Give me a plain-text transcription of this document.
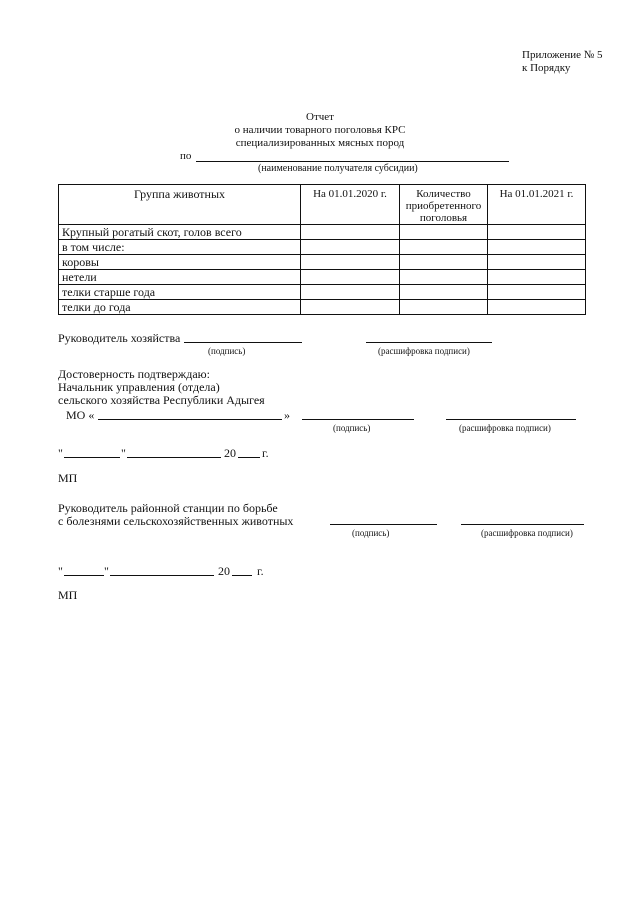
Приложение № 5
к Порядку
Отчет
о наличии товарного поголовья КРС
специализированных мясных пород
по
(наименование получателя субсидии)
Группа животных	На 01.01.2020 г.	Количество приобретенного поголовья	На 01.01.2021 г.
Крупный рогатый скот, голов всего			
в том числе:			
коровы			
нетели			
телки старше года			
телки до года			
Руководитель хозяйства
(подпись)	(расшифровка подписи)
Достоверность подтверждаю:
Начальник управления (отдела)
сельского хозяйства Республики Адыгея
МО «	»
(подпись)	(расшифровка подписи)
"	"	20 г.
МП
Руководитель районной станции по борьбе
с болезнями сельскохозяйственных животных
(подпись)	(расшифровка подписи)
"	"	20 г.
МП
